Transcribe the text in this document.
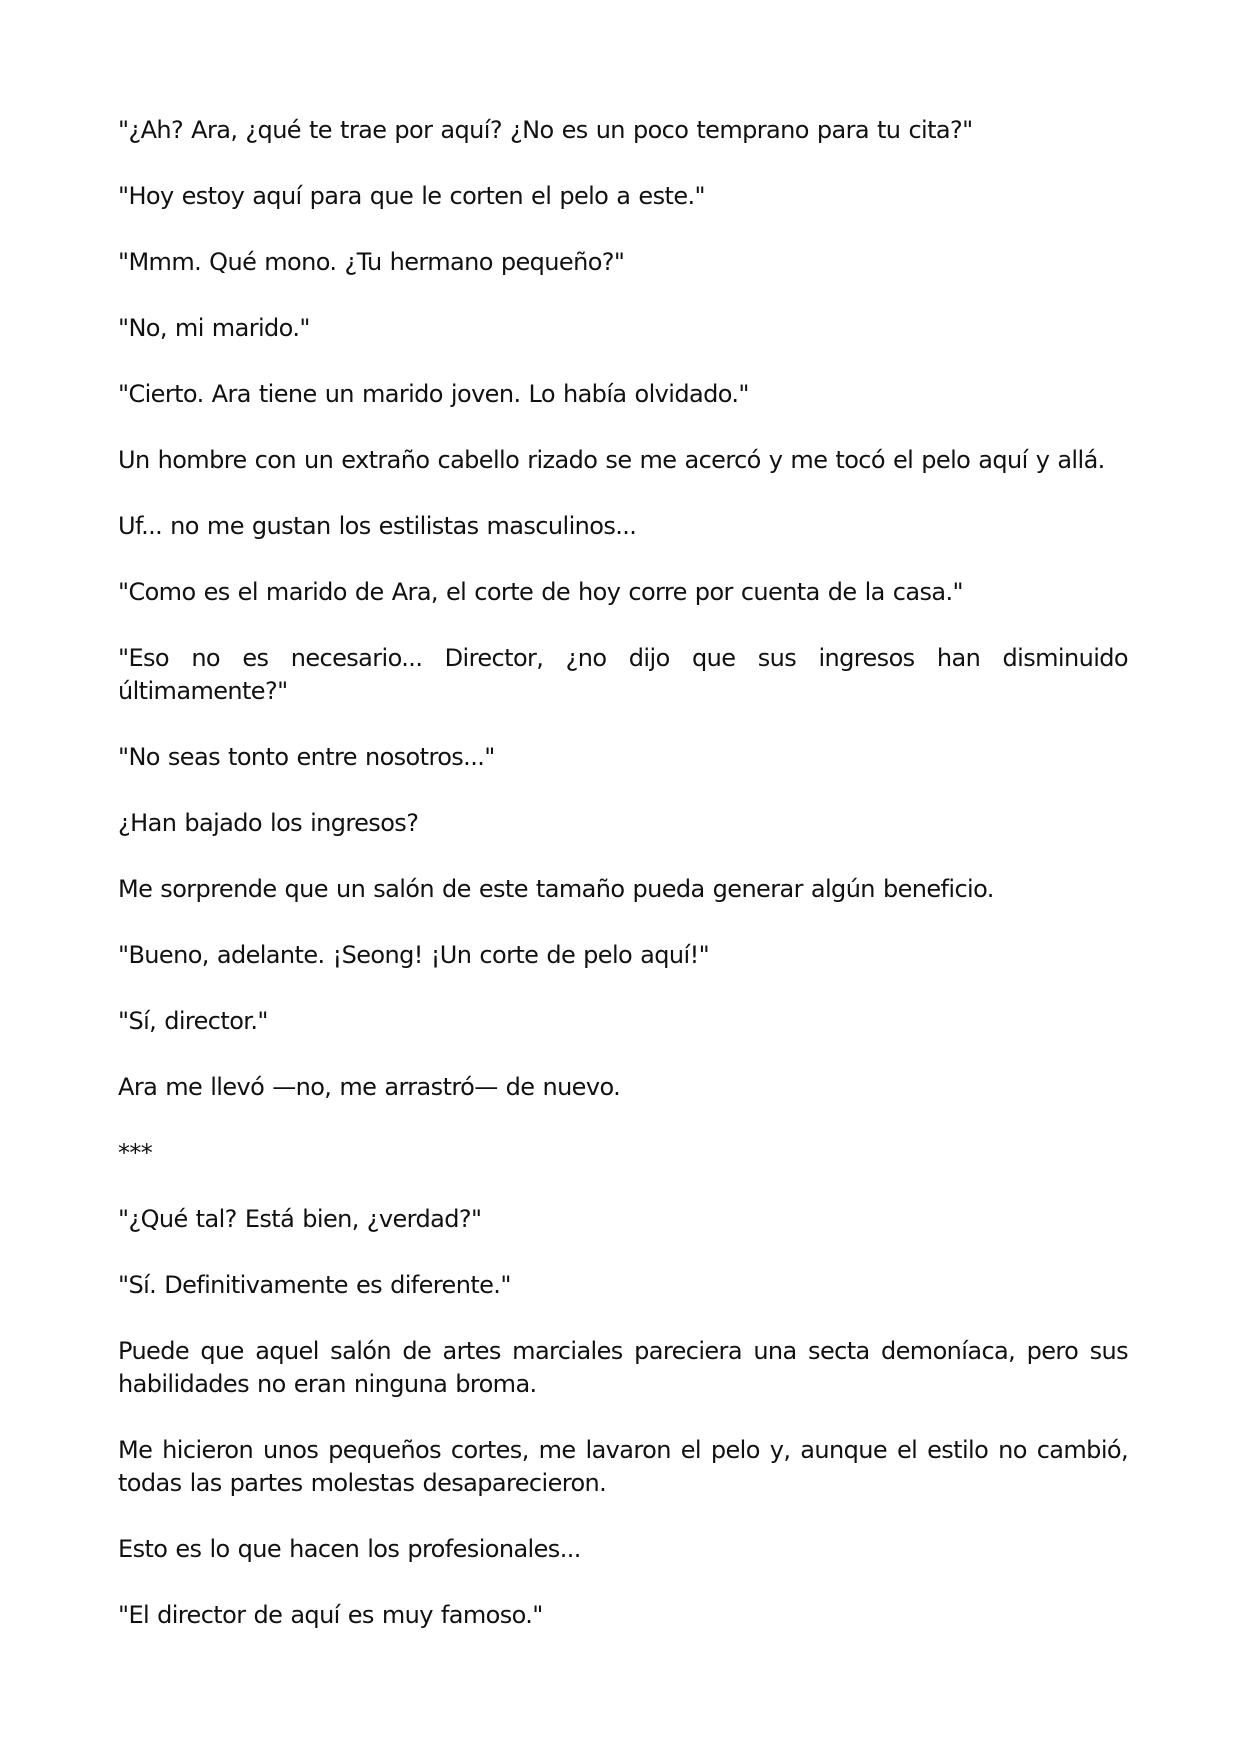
"¿Ah? Ara, ¿qué te trae por aquí? ¿No es un poco temprano para tu cita?"

"Hoy estoy aquí para que le corten el pelo a este."

"Mmm. Qué mono. ¿Tu hermano pequeño?"

"No, mi marido."

"Cierto. Ara tiene un marido joven. Lo había olvidado."

Un hombre con un extraño cabello rizado se me acercó y me tocó el pelo aquí y allá.

Uf... no me gustan los estilistas masculinos...

"Como es el marido de Ara, el corte de hoy corre por cuenta de la casa."

"Eso no es necesario... Director, ¿no dijo que sus ingresos han disminuido últimamente?"

"No seas tonto entre nosotros..."

¿Han bajado los ingresos?

Me sorprende que un salón de este tamaño pueda generar algún beneficio.

"Bueno, adelante. ¡Seong! ¡Un corte de pelo aquí!"

"Sí, director."

Ara me llevó —no, me arrastró— de nuevo.

***

"¿Qué tal? Está bien, ¿verdad?"

"Sí. Definitivamente es diferente."

Puede que aquel salón de artes marciales pareciera una secta demoníaca, pero sus habilidades no eran ninguna broma.

Me hicieron unos pequeños cortes, me lavaron el pelo y, aunque el estilo no cambió, todas las partes molestas desaparecieron.

Esto es lo que hacen los profesionales...

"El director de aquí es muy famoso."
